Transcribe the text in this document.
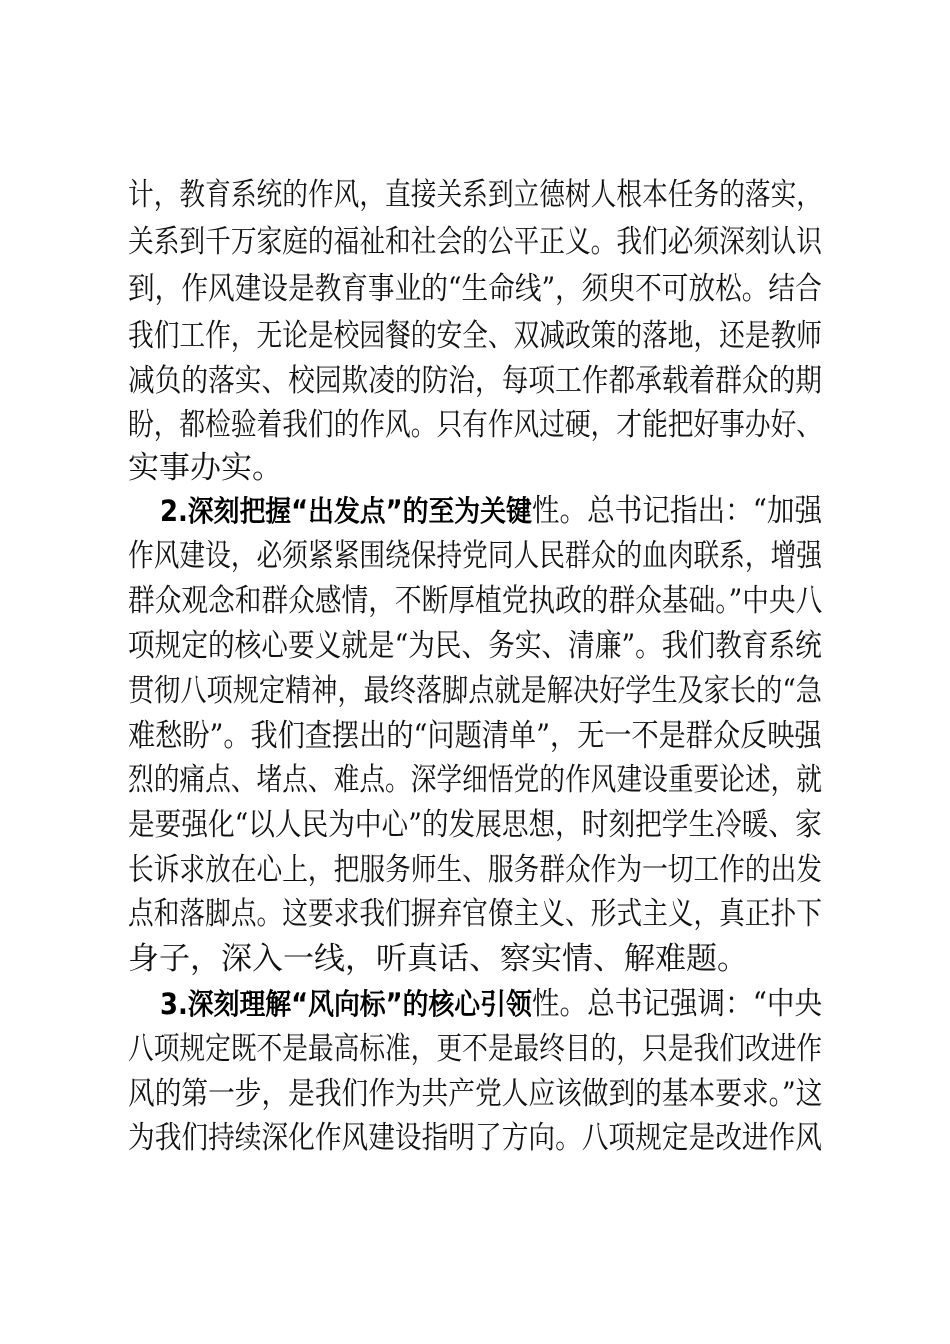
计，教育系统的作风，直接关系到立德树人根本任务的落实，
关系到千万家庭的福祉和社会的公平正义。我们必须深刻认识
到，作风建设是教育事业的“生命线”，须臾不可放松。结合
我们工作，无论是校园餐的安全、双减政策的落地，还是教师
减负的落实、校园欺凌的防治，每项工作都承载着群众的期
盼，都检验着我们的作风。只有作风过硬，才能把好事办好、
实事办实。
2.深刻把握“出发点”的至为关键性。总书记指出：“加强
作风建设，必须紧紧围绕保持党同人民群众的血肉联系，增强
群众观念和群众感情，不断厚植党执政的群众基础。”中央八
项规定的核心要义就是“为民、务实、清廉”。我们教育系统
贯彻八项规定精神，最终落脚点就是解决好学生及家长的“急
难愁盼”。我们查摆出的“问题清单”，无一不是群众反映强
烈的痛点、堵点、难点。深学细悟党的作风建设重要论述，就
是要强化“以人民为中心”的发展思想，时刻把学生冷暖、家
长诉求放在心上，把服务师生、服务群众作为一切工作的出发
点和落脚点。这要求我们摒弃官僚主义、形式主义，真正扑下
身子，深入一线，听真话、察实情、解难题。
3.深刻理解“风向标”的核心引领性。总书记强调：“中央
八项规定既不是最高标准，更不是最终目的，只是我们改进作
风的第一步，是我们作为共产党人应该做到的基本要求。”这
为我们持续深化作风建设指明了方向。八项规定是改进作风
